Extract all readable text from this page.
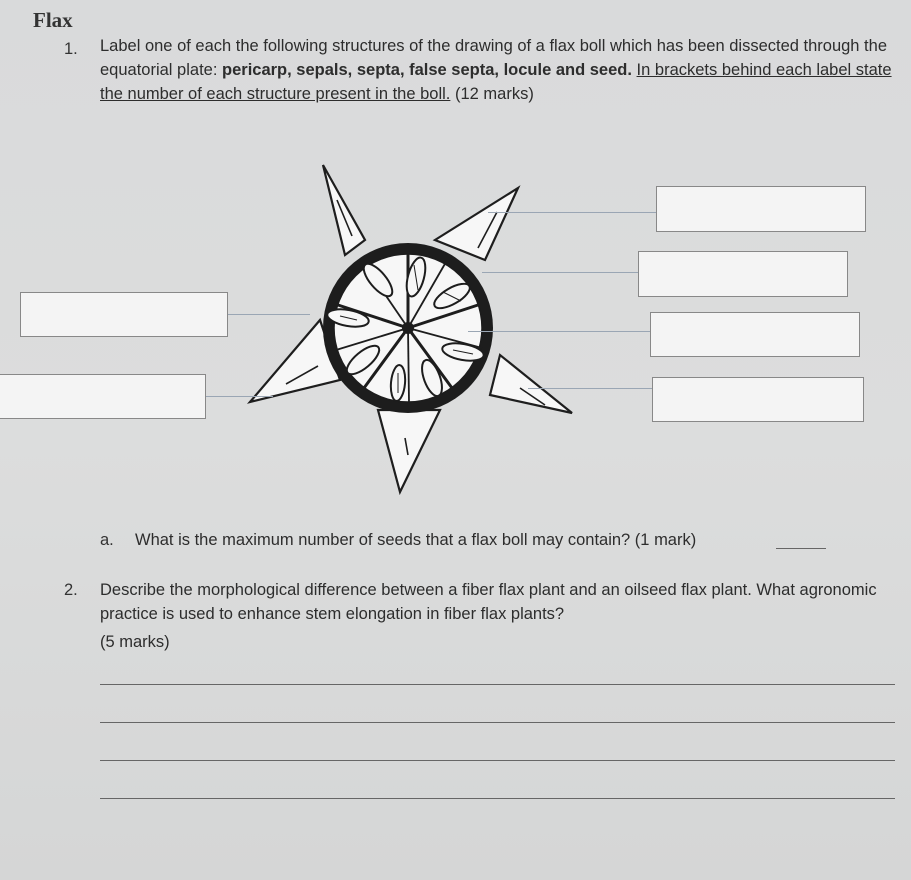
Flax
1. Label one of each the following structures of the drawing of a flax boll which has been dissected through the equatorial plate: pericarp, sepals, septa, false septa, locule and seed. In brackets behind each label state the number of each structure present in the boll. (12 marks)
a. What is the maximum number of seeds that a flax boll may contain? (1 mark)
2. Describe the morphological difference between a fiber flax plant and an oilseed flax plant. What agronomic practice is used to enhance stem elongation in fiber flax plants?
(5 marks)
